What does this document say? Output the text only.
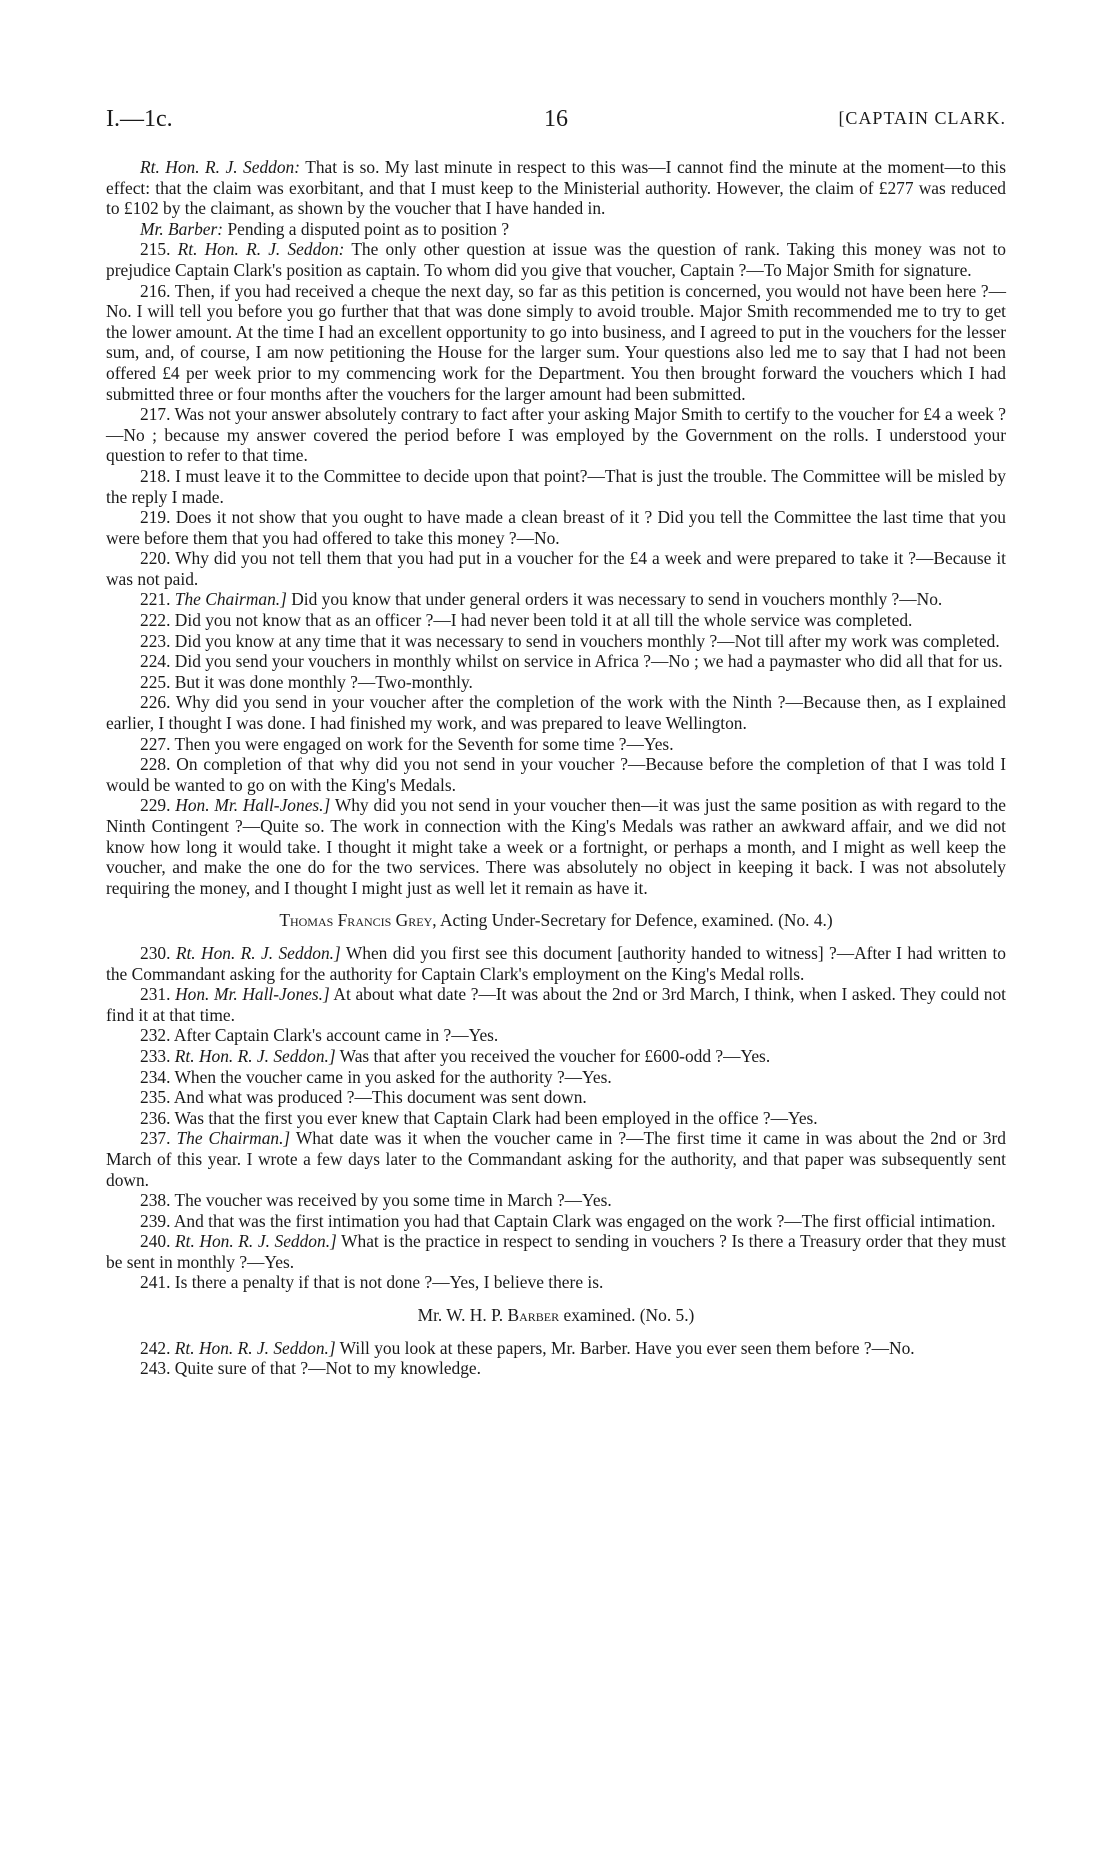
I.—1c.	16	[CAPTAIN CLARK.

Rt. Hon. R. J. Seddon: That is so. My last minute in respect to this was—I cannot find the minute at the moment—to this effect: that the claim was exorbitant, and that I must keep to the Ministerial authority. However, the claim of £277 was reduced to £102 by the claimant, as shown by the voucher that I have handed in.

Mr. Barber: Pending a disputed point as to position ?

215. Rt. Hon. R. J. Seddon: The only other question at issue was the question of rank. Taking this money was not to prejudice Captain Clark's position as captain. To whom did you give that voucher, Captain ?—To Major Smith for signature.

216. Then, if you had received a cheque the next day, so far as this petition is concerned, you would not have been here ?—No. I will tell you before you go further that that was done simply to avoid trouble. Major Smith recommended me to try to get the lower amount. At the time I had an excellent opportunity to go into business, and I agreed to put in the vouchers for the lesser sum, and, of course, I am now petitioning the House for the larger sum. Your questions also led me to say that I had not been offered £4 per week prior to my commencing work for the Department. You then brought forward the vouchers which I had submitted three or four months after the vouchers for the larger amount had been submitted.

217. Was not your answer absolutely contrary to fact after your asking Major Smith to certify to the voucher for £4 a week ?—No ; because my answer covered the period before I was employed by the Government on the rolls. I understood your question to refer to that time.

218. I must leave it to the Committee to decide upon that point?—That is just the trouble. The Committee will be misled by the reply I made.

219. Does it not show that you ought to have made a clean breast of it ? Did you tell the Committee the last time that you were before them that you had offered to take this money ?—No.

220. Why did you not tell them that you had put in a voucher for the £4 a week and were prepared to take it ?—Because it was not paid.

221. The Chairman.] Did you know that under general orders it was necessary to send in vouchers monthly ?—No.

222. Did you not know that as an officer ?—I had never been told it at all till the whole service was completed.

223. Did you know at any time that it was necessary to send in vouchers monthly ?—Not till after my work was completed.

224. Did you send your vouchers in monthly whilst on service in Africa ?—No ; we had a paymaster who did all that for us.

225. But it was done monthly ?—Two-monthly.

226. Why did you send in your voucher after the completion of the work with the Ninth ?—Because then, as I explained earlier, I thought I was done. I had finished my work, and was prepared to leave Wellington.

227. Then you were engaged on work for the Seventh for some time ?—Yes.

228. On completion of that why did you not send in your voucher ?—Because before the completion of that I was told I would be wanted to go on with the King's Medals.

229. Hon. Mr. Hall-Jones.] Why did you not send in your voucher then—it was just the same position as with regard to the Ninth Contingent ?—Quite so. The work in connection with the King's Medals was rather an awkward affair, and we did not know how long it would take. I thought it might take a week or a fortnight, or perhaps a month, and I might as well keep the voucher, and make the one do for the two services. There was absolutely no object in keeping it back. I was not absolutely requiring the money, and I thought I might just as well let it remain as have it.

Thomas Francis Grey, Acting Under-Secretary for Defence, examined. (No. 4.)

230. Rt. Hon. R. J. Seddon.] When did you first see this document [authority handed to witness] ?—After I had written to the Commandant asking for the authority for Captain Clark's employment on the King's Medal rolls.

231. Hon. Mr. Hall-Jones.] At about what date ?—It was about the 2nd or 3rd March, I think, when I asked. They could not find it at that time.

232. After Captain Clark's account came in ?—Yes.

233. Rt. Hon. R. J. Seddon.] Was that after you received the voucher for £600-odd ?—Yes.

234. When the voucher came in you asked for the authority ?—Yes.

235. And what was produced ?—This document was sent down.

236. Was that the first you ever knew that Captain Clark had been employed in the office ?—Yes.

237. The Chairman.] What date was it when the voucher came in ?—The first time it came in was about the 2nd or 3rd March of this year. I wrote a few days later to the Commandant asking for the authority, and that paper was subsequently sent down.

238. The voucher was received by you some time in March ?—Yes.

239. And that was the first intimation you had that Captain Clark was engaged on the work ?—The first official intimation.

240. Rt. Hon. R. J. Seddon.] What is the practice in respect to sending in vouchers ? Is there a Treasury order that they must be sent in monthly ?—Yes.

241. Is there a penalty if that is not done ?—Yes, I believe there is.

Mr. W. H. P. Barber examined. (No. 5.)

242. Rt. Hon. R. J. Seddon.] Will you look at these papers, Mr. Barber. Have you ever seen them before ?—No.

243. Quite sure of that ?—Not to my knowledge.
